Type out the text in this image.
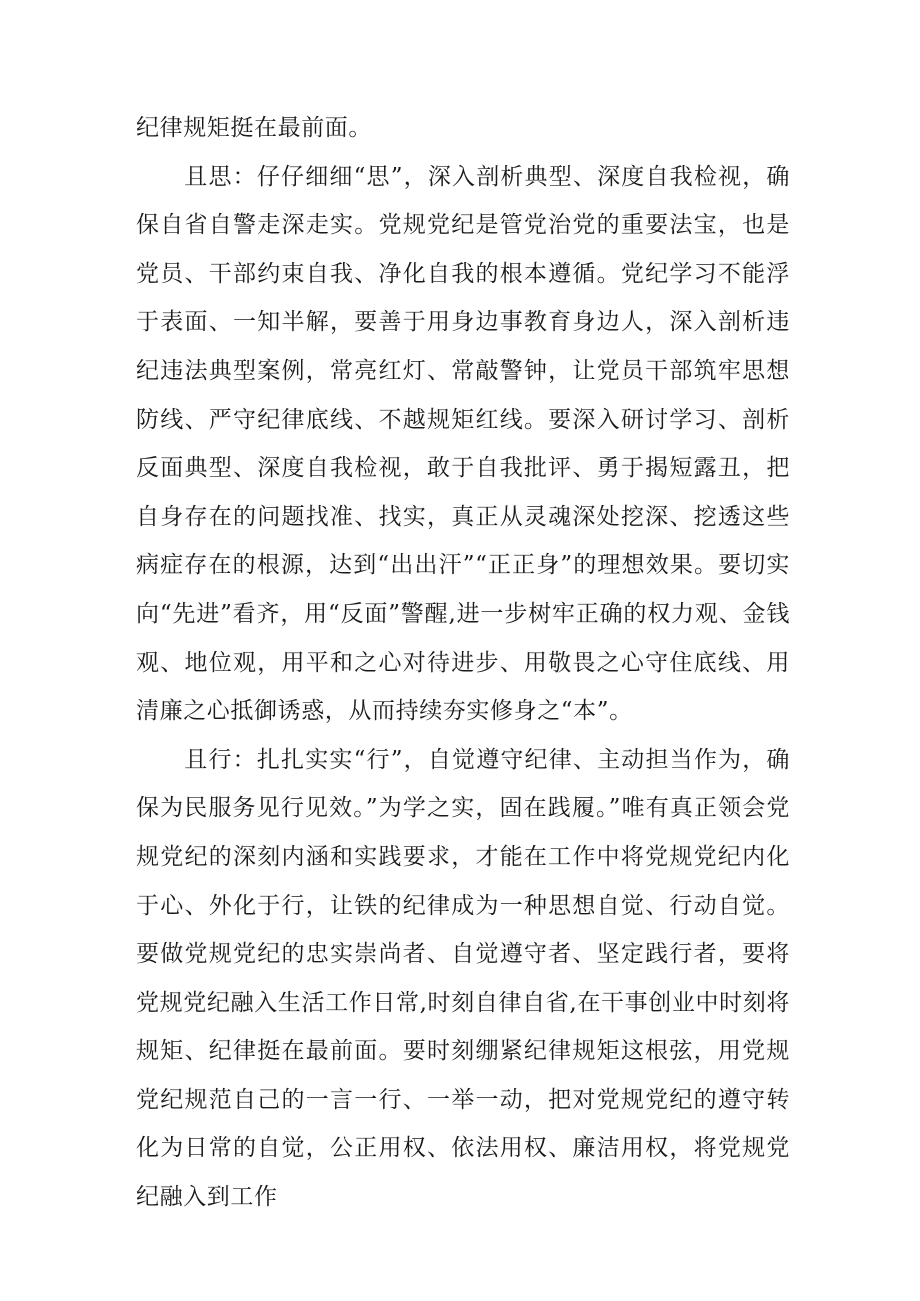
纪律规矩挺在最前面。

且思：仔仔细细“思”，深入剖析典型、深度自我检视，确保自省自警走深走实。党规党纪是管党治党的重要法宝，也是党员、干部约束自我、净化自我的根本遵循。党纪学习不能浮于表面、一知半解，要善于用身边事教育身边人，深入剖析违纪违法典型案例，常亮红灯、常敲警钟，让党员干部筑牢思想防线、严守纪律底线、不越规矩红线。要深入研讨学习、剖析反面典型、深度自我检视，敢于自我批评、勇于揭短露丑，把自身存在的问题找准、找实，真正从灵魂深处挖深、挖透这些病症存在的根源，达到“出出汗”“正正身”的理想效果。要切实向“先进”看齐，用“反面”警醒,进一步树牢正确的权力观、金钱观、地位观，用平和之心对待进步、用敬畏之心守住底线、用清廉之心抵御诱惑，从而持续夯实修身之“本”。

且行：扎扎实实“行”，自觉遵守纪律、主动担当作为，确保为民服务见行见效。”为学之实，固在践履。”唯有真正领会党规党纪的深刻内涵和实践要求，才能在工作中将党规党纪内化于心、外化于行，让铁的纪律成为一种思想自觉、行动自觉。要做党规党纪的忠实崇尚者、自觉遵守者、坚定践行者，要将党规党纪融入生活工作日常,时刻自律自省,在干事创业中时刻将规矩、纪律挺在最前面。要时刻绷紧纪律规矩这根弦，用党规党纪规范自己的一言一行、一举一动，把对党规党纪的遵守转化为日常的自觉，公正用权、依法用权、廉洁用权，将党规党纪融入到工作
